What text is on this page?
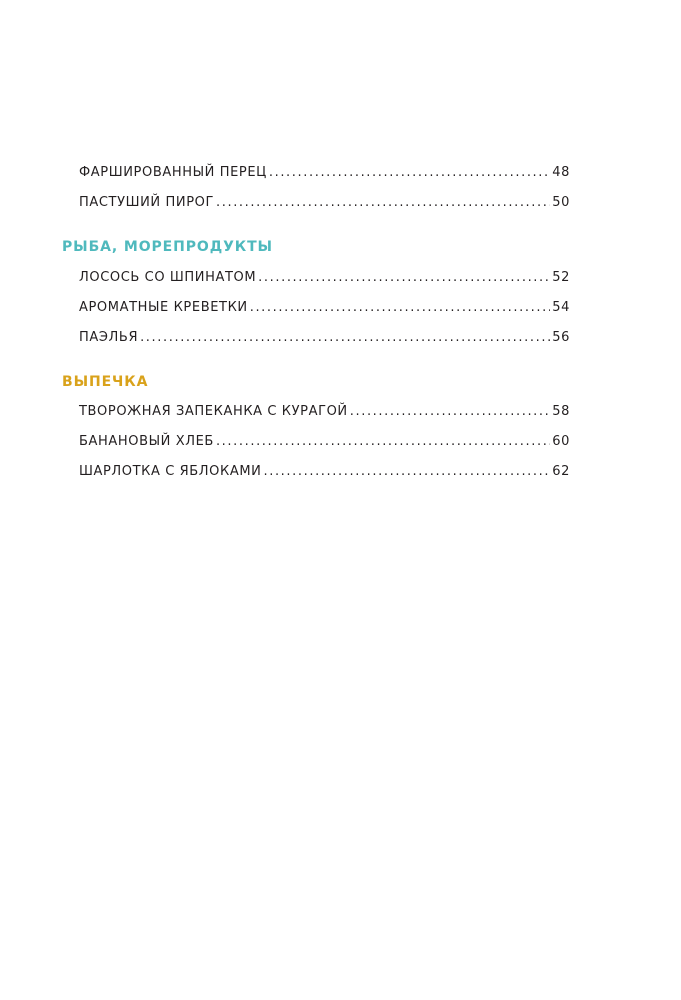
ФАРШИРОВАННЫЙ ПЕРЕЦ .....	48
ПАСТУШИЙ ПИРОГ .....	50
РЫБА, МОРЕПРОДУКТЫ
ЛОСОСЬ СО ШПИНАТОМ .....	52
АРОМАТНЫЕ КРЕВЕТКИ .....	54
ПАЭЛЬЯ .....	56
ВЫПЕЧКА
ТВОРОЖНАЯ ЗАПЕКАНКА С КУРАГОЙ .....	58
БАНАНОВЫЙ ХЛЕБ .....	60
ШАРЛОТКА С ЯБЛОКАМИ .....	62
